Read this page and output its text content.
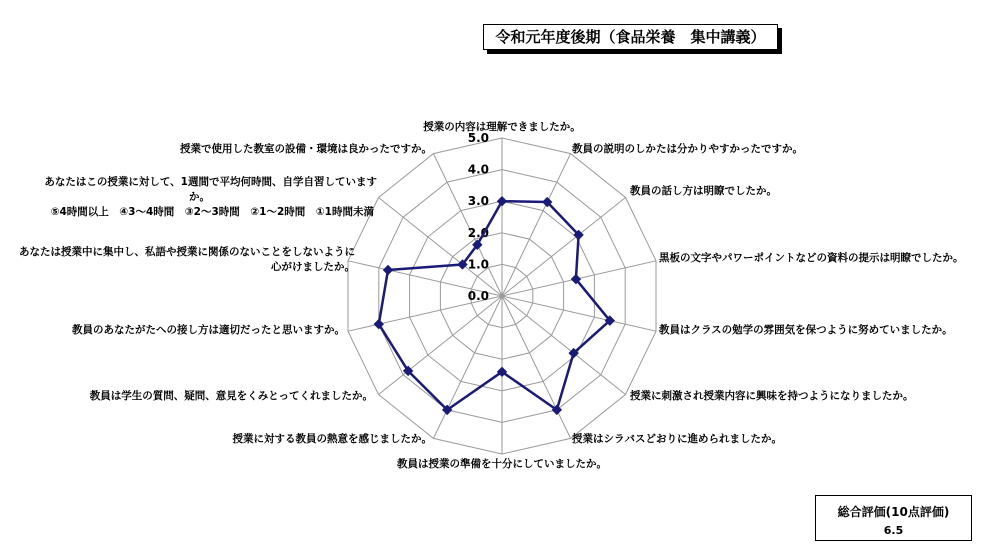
令和元年度後期（食品栄養　集中講義）
0.0
1.0
2.0
3.0
4.0
5.0
授業の内容は理解できましたか。
教員の説明のしかたは分かりやすかったですか。
教員の話し方は明瞭でしたか。
黒板の文字やパワーポイントなどの資料の提示は明瞭でしたか。
教員はクラスの勉学の雰囲気を保つように努めていましたか。
授業に刺激され授業内容に興味を持つようになりましたか。
授業はシラバスどおりに進められましたか。
教員は授業の準備を十分にしていましたか。
授業に対する教員の熱意を感じましたか。
教員は学生の質問、疑問、意見をくみとってくれましたか。
教員のあなたがたへの接し方は適切だったと思いますか。
あなたは授業中に集中し、私語や授業に関係のないことをしないように心がけましたか。
あなたはこの授業に対して、1週間で平均何時間、自学自習していますか。 ⑤4時間以上　④3～4時間　③2～3時間　②1～2時間　①1時間未満
授業で使用した教室の設備・環境は良かったですか。
総合評価(10点評価)
6.5
